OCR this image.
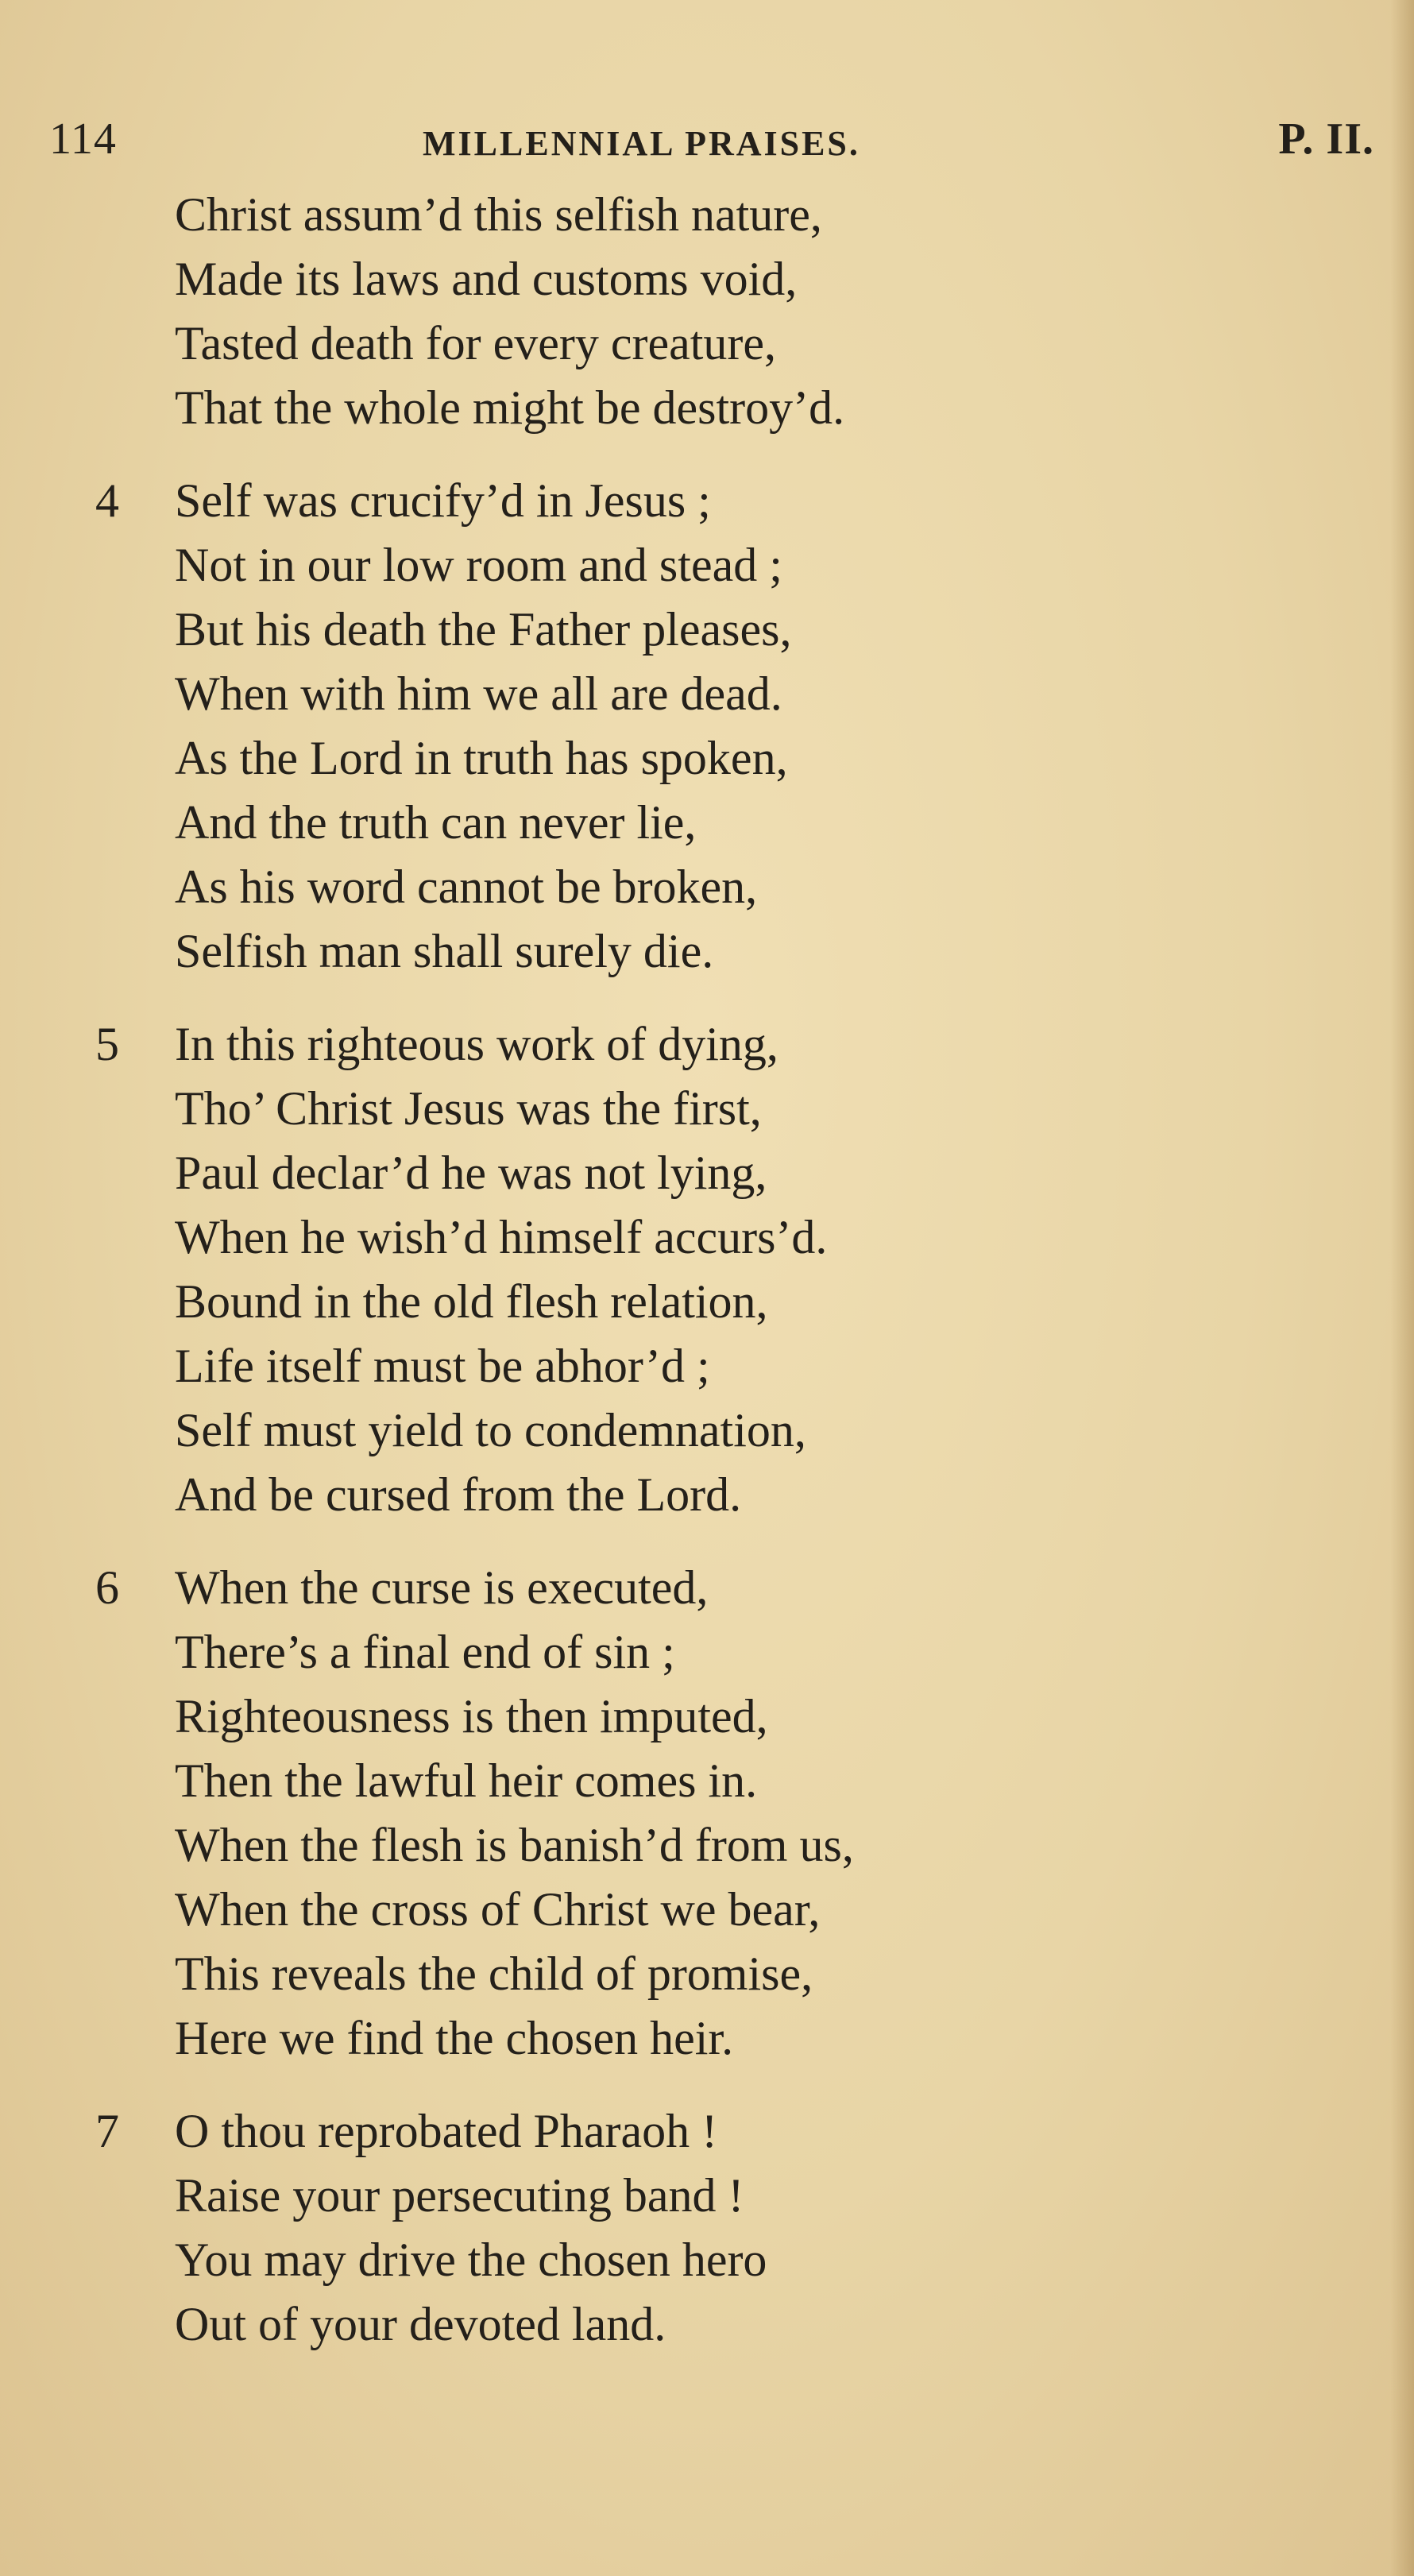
114	MILLENNIAL PRAISES.	P. II.
Christ assum’d this selfish nature,
Made its laws and customs void,
Tasted death for every creature,
That the whole might be destroy’d.
4 Self was crucify’d in Jesus ;
Not in our low room and stead ;
But his death the Father pleases,
When with him we all are dead.
As the Lord in truth has spoken,
And the truth can never lie,
As his word cannot be broken,
Selfish man shall surely die.
5 In this righteous work of dying,
Tho’ Christ Jesus was the first,
Paul declar’d he was not lying,
When he wish’d himself accurs’d.
Bound in the old flesh relation,
Life itself must be abhor’d ;
Self must yield to condemnation,
And be cursed from the Lord.
6 When the curse is executed,
There’s a final end of sin ;
Righteousness is then imputed,
Then the lawful heir comes in.
When the flesh is banish’d from us,
When the cross of Christ we bear,
This reveals the child of promise,
Here we find the chosen heir.
7 O thou reprobated Pharaoh !
Raise your persecuting band !
You may drive the chosen hero
Out of your devoted land.
